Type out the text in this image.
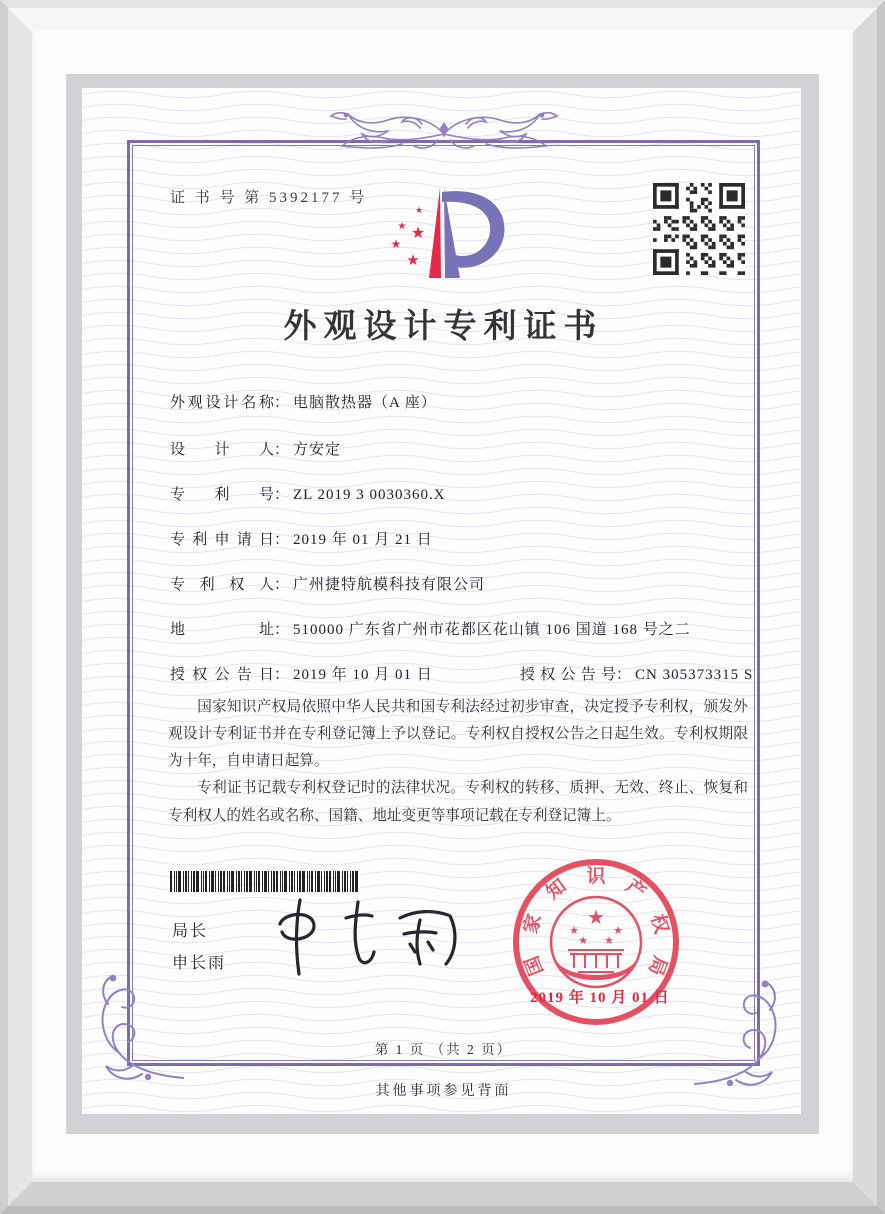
证 书 号 第 5392177 号
★
★ ★
★
★
外观设计专利证书
外观设计名称： 电脑散热器（A 座）
设计人： 方安定
专利号： ZL 2019 3 0030360.X
专利申请日： 2019 年 01 月 21 日
专利权人： 广州捷特航模科技有限公司
地址： 510000 广东省广州市花都区花山镇 106 国道 168 号之二
授权公告日： 2019 年 10 月 01 日	授权公告号： CN 305373315 S

国家知识产权局依照中华人民共和国专利法经过初步审查，决定授予专利权，颁发外观设计专利证书并在专利登记簿上予以登记。专利权自授权公告之日起生效。专利权期限为十年，自申请日起算。

专利证书记载专利权登记时的法律状况。专利权的转移、质押、无效、终止、恢复和专利权人的姓名或名称、国籍、地址变更等事项记载在专利登记簿上。

局长
申长雨	国
家
知 识 产
权
局
★
★	★
★ ★
2019 年 10 月 01 日
第 1 页 （共 2 页）
其他事项参见背面
